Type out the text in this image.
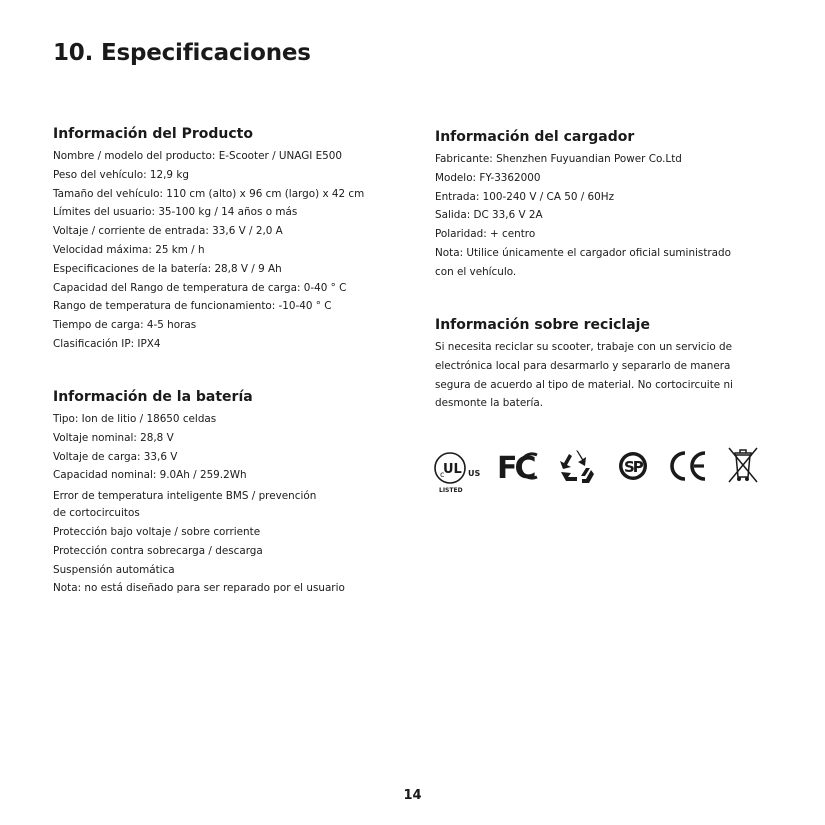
10. Especificaciones
Información del Producto
Nombre / modelo del producto: E-Scooter / UNAGI E500
Peso del vehículo: 12,9 kg
Tamaño del vehículo: 110 cm (alto) x 96 cm (largo) x 42 cm
Límites del usuario: 35-100 kg / 14 años o más
Voltaje / corriente de entrada: 33,6 V / 2,0 A
Velocidad máxima: 25 km / h
Especificaciones de la batería: 28,8 V / 9 Ah
Capacidad del Rango de temperatura de carga: 0-40 ° C
Rango de temperatura de funcionamiento: -10-40 ° C
Tiempo de carga: 4-5 horas
Clasificación IP: IPX4
Información de la batería
Tipo: Ion de litio / 18650 celdas
Voltaje nominal: 28,8 V
Voltaje de carga: 33,6 V
Capacidad nominal: 9.0Ah / 259.2Wh
Error de temperatura inteligente BMS / prevención
de cortocircuitos
Protección bajo voltaje / sobre corriente
Protección contra sobrecarga / descarga
Suspensión automática
Nota: no está diseñado para ser reparado por el usuario
Información del cargador
Fabricante: Shenzhen Fuyuandian Power Co.Ltd
Modelo: FY-3362000
Entrada: 100-240 V / CA 50 / 60Hz
Salida: DC 33,6 V 2A
Polaridad: + centro
Nota: Utilice únicamente el cargador oficial suministrado
con el vehículo.
Información sobre reciclaje
Si necesita reciclar su scooter, trabaje con un servicio de
electrónica local para desarmarlo y separarlo de manera
segura de acuerdo al tipo de material. No cortocircuite ni
desmonte la batería.
c
UL US
LISTED
FC	SP
14
